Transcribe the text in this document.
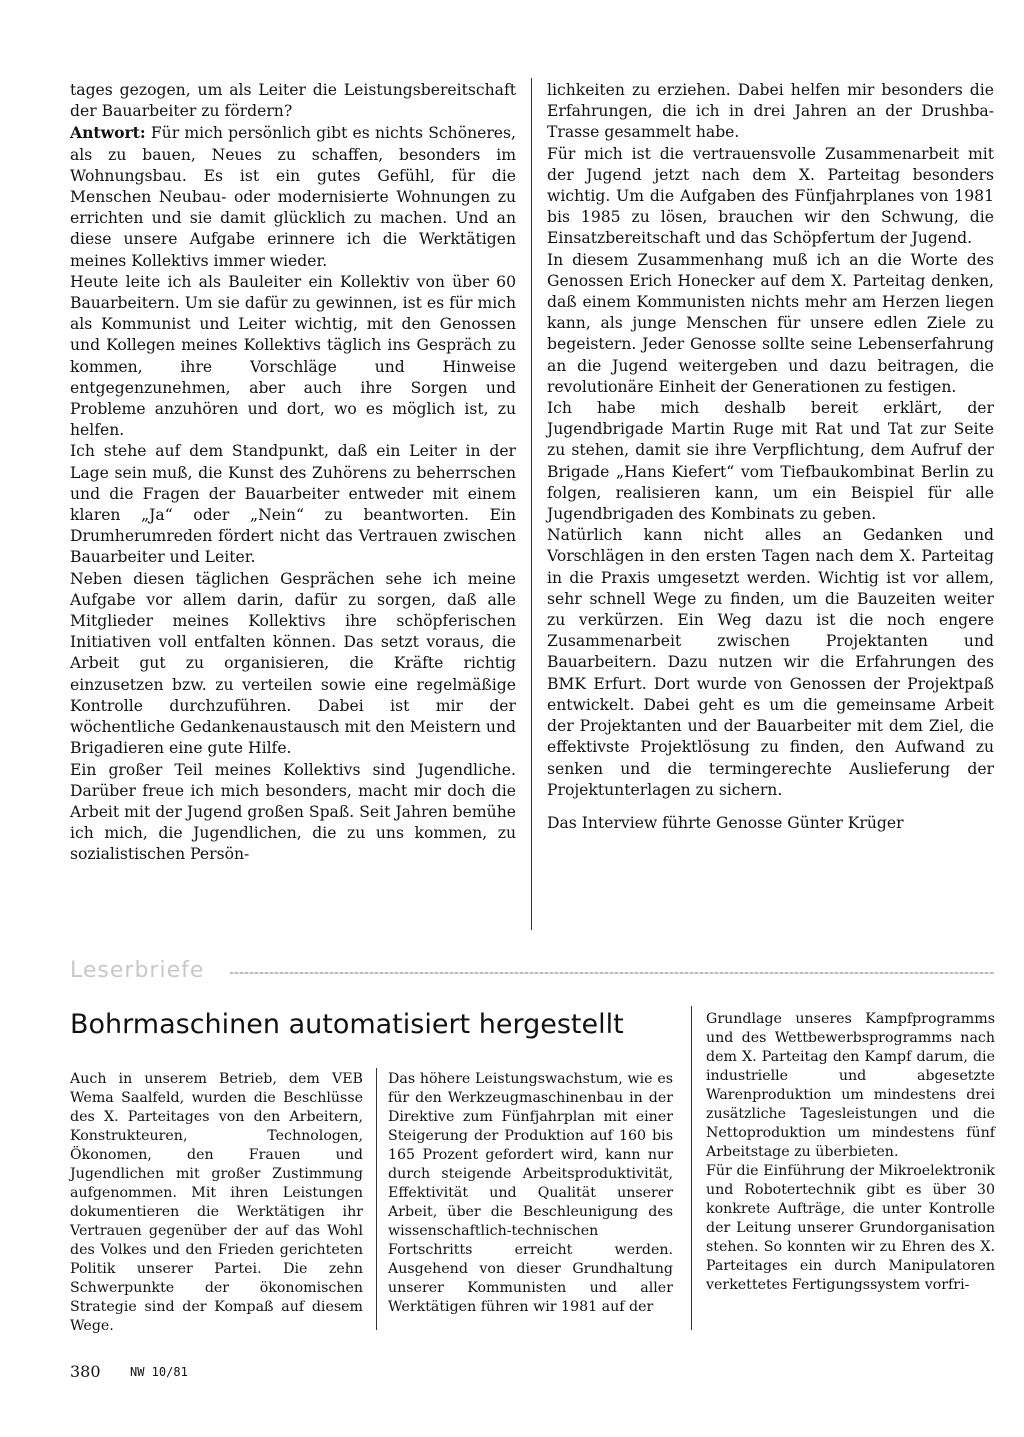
tages gezogen, um als Leiter die Leistungsbereitschaft der Bauarbeiter zu fördern?

Antwort: Für mich persönlich gibt es nichts Schöneres, als zu bauen, Neues zu schaffen, besonders im Wohnungsbau. Es ist ein gutes Gefühl, für die Menschen Neubau- oder modernisierte Wohnungen zu errichten und sie damit glücklich zu machen. Und an diese unsere Aufgabe erinnere ich die Werktätigen meines Kollektivs immer wieder.

Heute leite ich als Bauleiter ein Kollektiv von über 60 Bauarbeitern. Um sie dafür zu gewinnen, ist es für mich als Kommunist und Leiter wichtig, mit den Genossen und Kollegen meines Kollektivs täglich ins Gespräch zu kommen, ihre Vorschläge und Hinweise entgegenzunehmen, aber auch ihre Sorgen und Probleme anzuhören und dort, wo es möglich ist, zu helfen.

Ich stehe auf dem Standpunkt, daß ein Leiter in der Lage sein muß, die Kunst des Zuhörens zu beherrschen und die Fragen der Bauarbeiter entweder mit einem klaren „Ja“ oder „Nein“ zu beantworten. Ein Drumherumreden fördert nicht das Vertrauen zwischen Bauarbeiter und Leiter.

Neben diesen täglichen Gesprächen sehe ich meine Aufgabe vor allem darin, dafür zu sorgen, daß alle Mitglieder meines Kollektivs ihre schöpferischen Initiativen voll entfalten können. Das setzt voraus, die Arbeit gut zu organisieren, die Kräfte richtig einzusetzen bzw. zu verteilen sowie eine regelmäßige Kontrolle durchzuführen. Dabei ist mir der wöchentliche Gedankenaustausch mit den Meistern und Brigadieren eine gute Hilfe.

Ein großer Teil meines Kollektivs sind Jugendliche. Darüber freue ich mich besonders, macht mir doch die Arbeit mit der Jugend großen Spaß. Seit Jahren bemühe ich mich, die Jugendlichen, die zu uns kommen, zu sozialistischen Persön-

lichkeiten zu erziehen. Dabei helfen mir besonders die Erfahrungen, die ich in drei Jahren an der Drushba-Trasse gesammelt habe.

Für mich ist die vertrauensvolle Zusammenarbeit mit der Jugend jetzt nach dem X. Parteitag besonders wichtig. Um die Aufgaben des Fünfjahrplanes von 1981 bis 1985 zu lösen, brauchen wir den Schwung, die Einsatzbereitschaft und das Schöpfertum der Jugend.

In diesem Zusammenhang muß ich an die Worte des Genossen Erich Honecker auf dem X. Parteitag denken, daß einem Kommunisten nichts mehr am Herzen liegen kann, als junge Menschen für unsere edlen Ziele zu begeistern. Jeder Genosse sollte seine Lebenserfahrung an die Jugend weitergeben und dazu beitragen, die revolutionäre Einheit der Generationen zu festigen.

Ich habe mich deshalb bereit erklärt, der Jugendbrigade Martin Ruge mit Rat und Tat zur Seite zu stehen, damit sie ihre Verpflichtung, dem Aufruf der Brigade „Hans Kiefert“ vom Tiefbaukombinat Berlin zu folgen, realisieren kann, um ein Beispiel für alle Jugendbrigaden des Kombinats zu geben.

Natürlich kann nicht alles an Gedanken und Vorschlägen in den ersten Tagen nach dem X. Parteitag in die Praxis umgesetzt werden. Wichtig ist vor allem, sehr schnell Wege zu finden, um die Bauzeiten weiter zu verkürzen. Ein Weg dazu ist die noch engere Zusammenarbeit zwischen Projektanten und Bauarbeitern. Dazu nutzen wir die Erfahrungen des BMK Erfurt. Dort wurde von Genossen der Projektpaß entwickelt. Dabei geht es um die gemeinsame Arbeit der Projektanten und der Bauarbeiter mit dem Ziel, die effektivste Projektlösung zu finden, den Aufwand zu senken und die termingerechte Auslieferung der Projektunterlagen zu sichern.

Das Interview führte Genosse Günter Krüger

Leserbriefe
Bohrmaschinen automatisiert hergestellt

Auch in unserem Betrieb, dem VEB Wema Saalfeld, wurden die Beschlüsse des X. Parteitages von den Arbeitern, Konstrukteuren, Technologen, Ökonomen, den Frauen und Jugendlichen mit großer Zustimmung aufgenommen. Mit ihren Leistungen dokumentieren die Werktätigen ihr Vertrauen gegenüber der auf das Wohl des Volkes und den Frieden gerichteten Politik unserer Partei. Die zehn Schwerpunkte der ökonomischen Strategie sind der Kompaß auf diesem Wege.

Das höhere Leistungswachstum, wie es für den Werkzeugmaschinenbau in der Direktive zum Fünfjahrplan mit einer Steigerung der Produktion auf 160 bis 165 Prozent gefordert wird, kann nur durch steigende Arbeitsproduktivität, Effektivität und Qualität unserer Arbeit, über die Beschleunigung des wissenschaftlich-technischen Fortschritts erreicht werden. Ausgehend von dieser Grundhaltung unserer Kommunisten und aller Werktätigen führen wir 1981 auf der

Grundlage unseres Kampfprogramms und des Wettbewerbsprogramms nach dem X. Parteitag den Kampf darum, die industrielle und abgesetzte Warenproduktion um mindestens drei zusätzliche Tagesleistungen und die Nettoproduktion um mindestens fünf Arbeitstage zu überbieten.

Für die Einführung der Mikroelektronik und Robotertechnik gibt es über 30 konkrete Aufträge, die unter Kontrolle der Leitung unserer Grundorganisation stehen. So konnten wir zu Ehren des X. Parteitages ein durch Manipulatoren verkettetes Fertigungssystem vorfri-

380 NW 10/81
